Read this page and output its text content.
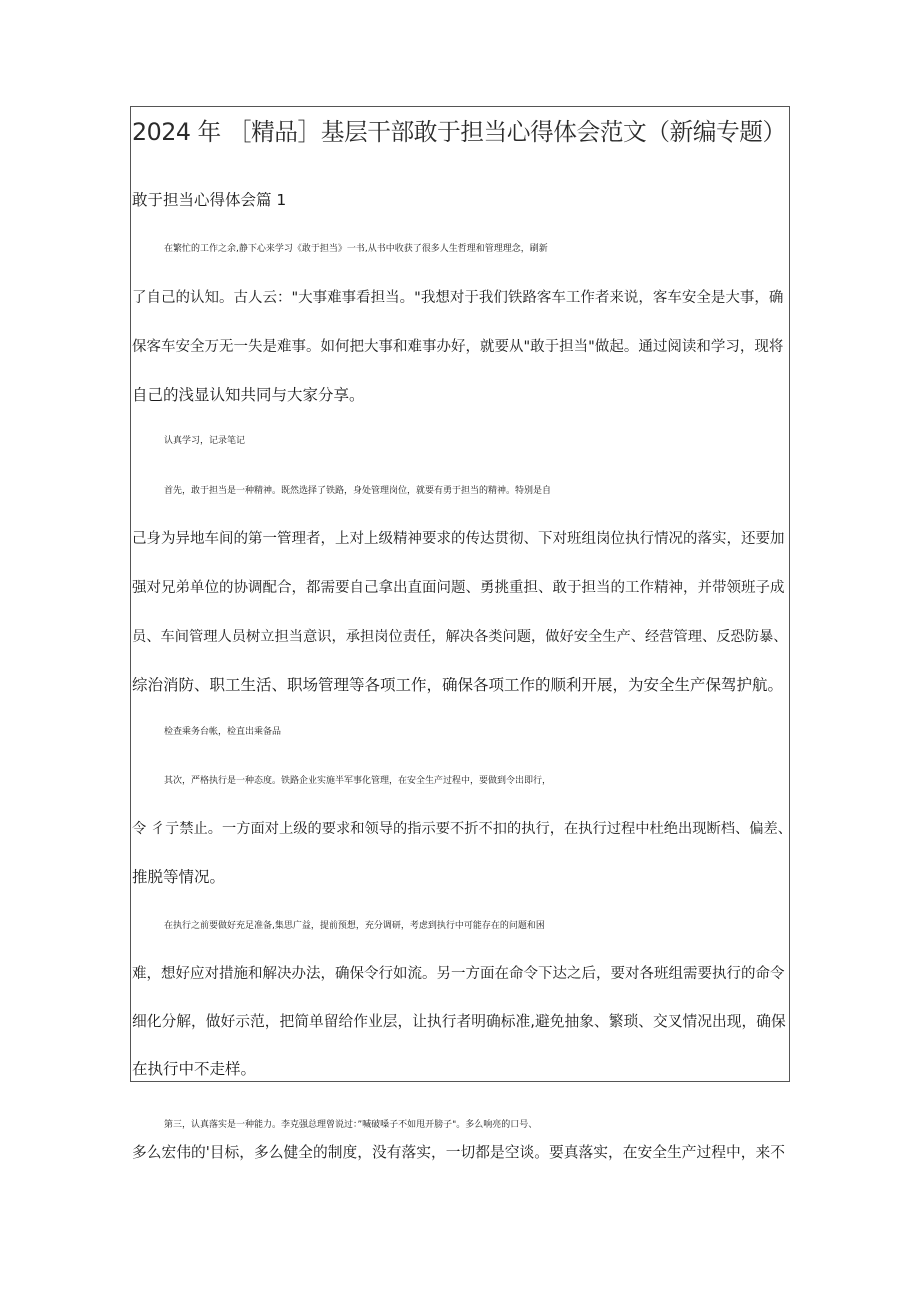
2024 年 ［精品］基层干部敢于担当心得体会范文（新编专题）

敢于担当心得体会篇 1

在繁忙的工作之余,静下心来学习《敢于担当》一书,从书中收获了很多人生哲理和管理理念，刷新

了自己的认知。古人云："大事难事看担当。"我想对于我们铁路客车工作者来说，客车安全是大事，确

保客车安全万无一失是难事。如何把大事和难事办好，就要从"敢于担当"做起。通过阅读和学习，现将

自己的浅显认知共同与大家分享。

认真学习，记录笔记

首先，敢于担当是一种精神。既然选择了铁路，身处管理岗位，就要有勇于担当的精神。特别是自

己身为异地车间的第一管理者，上对上级精神要求的传达贯彻、下对班组岗位执行情况的落实，还要加

强对兄弟单位的协调配合，都需要自己拿出直面问题、勇挑重担、敢于担当的工作精神，并带领班子成

员、车间管理人员树立担当意识，承担岗位责任，解决各类问题，做好安全生产、经营管理、反恐防暴、

综治消防、职工生活、职场管理等各项工作，确保各项工作的顺利开展，为安全生产保驾护航。

检查乘务台帐，检直出乘备品

其次，严格执行是一种态度。铁路企业实施半军事化管理，在安全生产过程中，要做到令出即行，

令 彳亍禁止。一方面对上级的要求和领导的指示要不折不扣的执行，在执行过程中杜绝出现断档、偏差、

推脱等情况。

在执行之前要做好充足准备,集思广益，提前预想，充分调研，考虑到执行中可能存在的问题和困

难，想好应对措施和解决办法，确保令行如流。另一方面在命令下达之后，要对各班组需要执行的命令

细化分解，做好示范，把简单留给作业层，让执行者明确标准,避免抽象、繁琐、交叉情况出现，确保

在执行中不走样。

第三，认真落实是一种能力。李克强总理曾说过：”喊破嗓子不如甩开膀子"。多么响亮的口号、

多么宏伟的'目标，多么健全的制度，没有落实，一切都是空谈。要真落实，在安全生产过程中，来不
